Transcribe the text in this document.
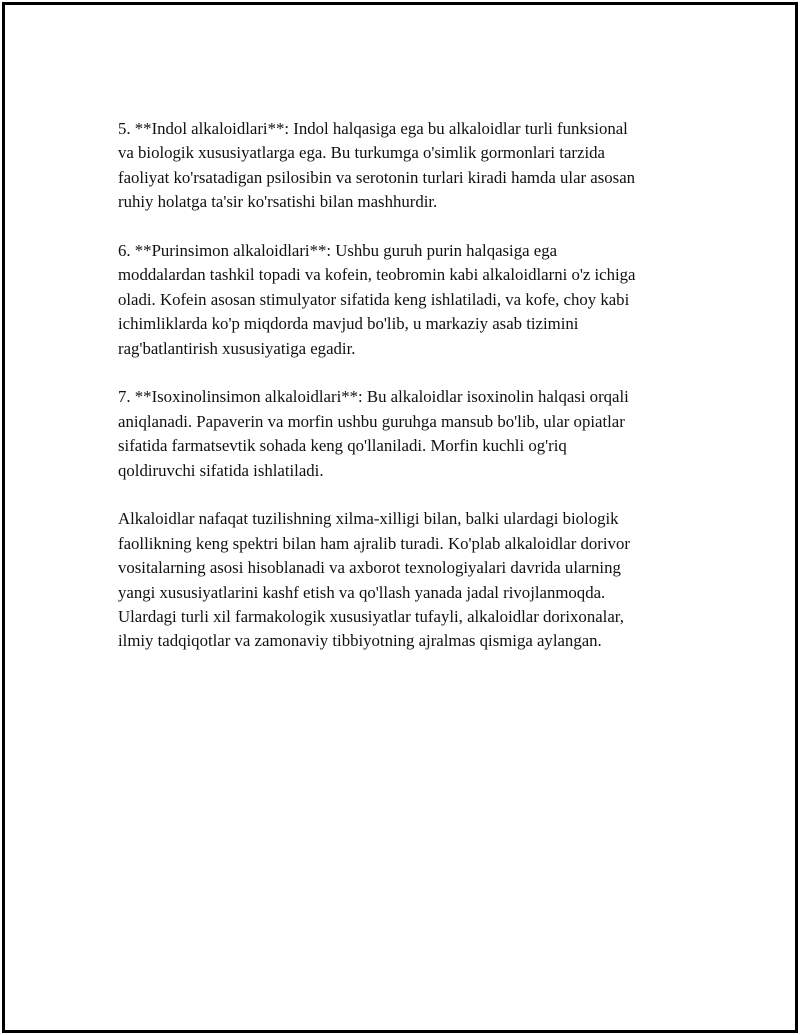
5. **Indol alkaloidlari**: Indol halqasiga ega bu alkaloidlar turli funksional
va biologik xususiyatlarga ega. Bu turkumga o'simlik gormonlari tarzida
faoliyat ko'rsatadigan psilosibin va serotonin turlari kiradi hamda ular asosan
ruhiy holatga ta'sir ko'rsatishi bilan mashhurdir.

6. **Purinsimon alkaloidlari**: Ushbu guruh purin halqasiga ega
moddalardan tashkil topadi va kofein, teobromin kabi alkaloidlarni o'z ichiga
oladi. Kofein asosan stimulyator sifatida keng ishlatiladi, va kofe, choy kabi
ichimliklarda ko'p miqdorda mavjud bo'lib, u markaziy asab tizimini
rag'batlantirish xususiyatiga egadir.

7. **Isoxinolinsimon alkaloidlari**: Bu alkaloidlar isoxinolin halqasi orqali
aniqlanadi. Papaverin va morfin ushbu guruhga mansub bo'lib, ular opiatlar
sifatida farmatsevtik sohada keng qo'llaniladi. Morfin kuchli og'riq
qoldiruvchi sifatida ishlatiladi.

Alkaloidlar nafaqat tuzilishning xilma-xilligi bilan, balki ulardagi biologik
faollikning keng spektri bilan ham ajralib turadi. Ko'plab alkaloidlar dorivor
vositalarning asosi hisoblanadi va axborot texnologiyalari davrida ularning
yangi xususiyatlarini kashf etish va qo'llash yanada jadal rivojlanmoqda.
Ulardagi turli xil farmakologik xususiyatlar tufayli, alkaloidlar dorixonalar,
ilmiy tadqiqotlar va zamonaviy tibbiyotning ajralmas qismiga aylangan.
